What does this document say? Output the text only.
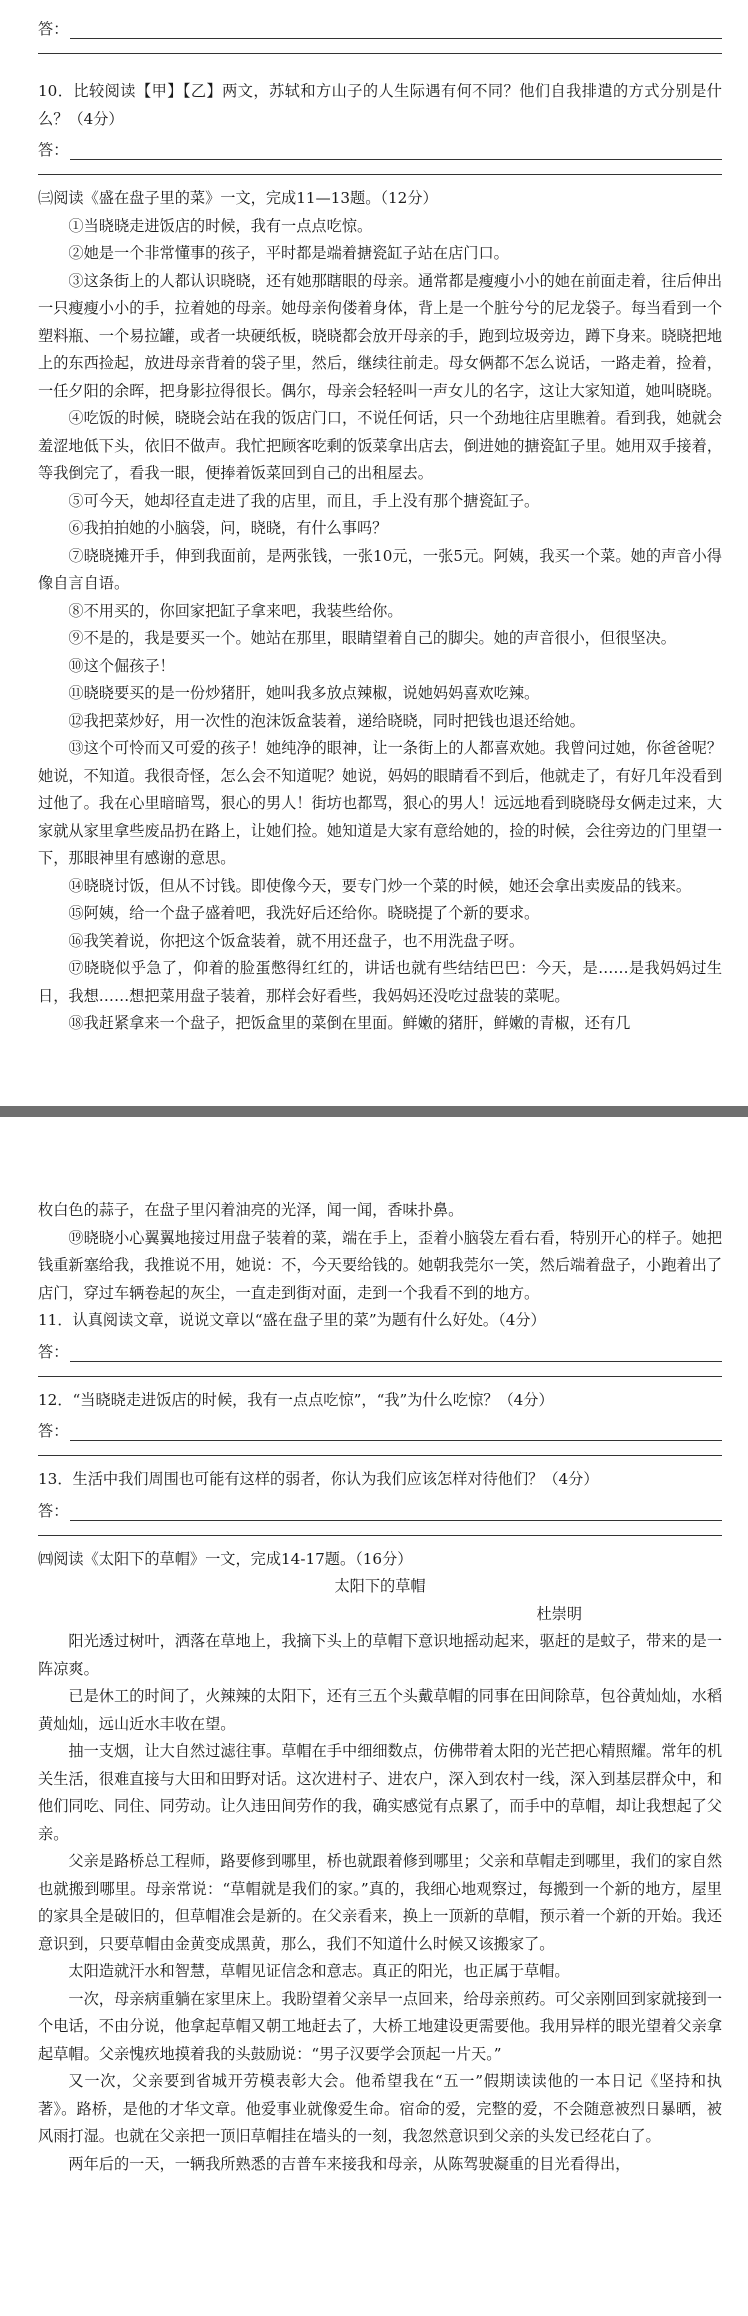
答：

10．比较阅读【甲】【乙】两文，苏轼和方山子的人生际遇有何不同？他们自我排遣的方式分别是什么？（4分）

答：

㈢阅读《盛在盘子里的菜》一文，完成11—13题。（12分）

①当晓晓走进饭店的时候，我有一点点吃惊。

②她是一个非常懂事的孩子，平时都是端着搪瓷缸子站在店门口。

③这条街上的人都认识晓晓，还有她那瞎眼的母亲。通常都是瘦瘦小小的她在前面走着，往后伸出一只瘦瘦小小的手，拉着她的母亲。她母亲佝偻着身体，背上是一个脏兮兮的尼龙袋子。每当看到一个塑料瓶、一个易拉罐，或者一块硬纸板，晓晓都会放开母亲的手，跑到垃圾旁边，蹲下身来。晓晓把地上的东西捡起，放进母亲背着的袋子里，然后，继续往前走。母女俩都不怎么说话，一路走着，捡着，一任夕阳的余晖，把身影拉得很长。偶尔，母亲会轻轻叫一声女儿的名字，这让大家知道，她叫晓晓。

④吃饭的时候，晓晓会站在我的饭店门口，不说任何话，只一个劲地往店里瞧着。看到我，她就会羞涩地低下头，依旧不做声。我忙把顾客吃剩的饭菜拿出店去，倒进她的搪瓷缸子里。她用双手接着，等我倒完了，看我一眼，便捧着饭菜回到自己的出租屋去。

⑤可今天，她却径直走进了我的店里，而且，手上没有那个搪瓷缸子。

⑥我拍拍她的小脑袋，问，晓晓，有什么事吗？

⑦晓晓摊开手，伸到我面前，是两张钱，一张10元，一张5元。阿姨，我买一个菜。她的声音小得像自言自语。

⑧不用买的，你回家把缸子拿来吧，我装些给你。

⑨不是的，我是要买一个。她站在那里，眼睛望着自己的脚尖。她的声音很小，但很坚决。

⑩这个倔孩子！

⑪晓晓要买的是一份炒猪肝，她叫我多放点辣椒，说她妈妈喜欢吃辣。

⑫我把菜炒好，用一次性的泡沫饭盒装着，递给晓晓，同时把钱也退还给她。

⑬这个可怜而又可爱的孩子！她纯净的眼神，让一条街上的人都喜欢她。我曾问过她，你爸爸呢？她说，不知道。我很奇怪，怎么会不知道呢？她说，妈妈的眼睛看不到后，他就走了，有好几年没看到过他了。我在心里暗暗骂，狠心的男人！街坊也都骂，狠心的男人！远远地看到晓晓母女俩走过来，大家就从家里拿些废品扔在路上，让她们捡。她知道是大家有意给她的，捡的时候，会往旁边的门里望一下，那眼神里有感谢的意思。

⑭晓晓讨饭，但从不讨钱。即使像今天，要专门炒一个菜的时候，她还会拿出卖废品的钱来。

⑮阿姨，给一个盘子盛着吧，我洗好后还给你。晓晓提了个新的要求。

⑯我笑着说，你把这个饭盒装着，就不用还盘子，也不用洗盘子呀。

⑰晓晓似乎急了，仰着的脸蛋憋得红红的，讲话也就有些结结巴巴：今天，是……是我妈妈过生日，我想……想把菜用盘子装着，那样会好看些，我妈妈还没吃过盘装的菜呢。

⑱我赶紧拿来一个盘子，把饭盒里的菜倒在里面。鲜嫩的猪肝，鲜嫩的青椒，还有几

枚白色的蒜子，在盘子里闪着油亮的光泽，闻一闻，香味扑鼻。

⑲晓晓小心翼翼地接过用盘子装着的菜，端在手上，歪着小脑袋左看右看，特别开心的样子。她把钱重新塞给我，我推说不用，她说：不，今天要给钱的。她朝我莞尔一笑，然后端着盘子，小跑着出了店门，穿过车辆卷起的灰尘，一直走到街对面，走到一个我看不到的地方。

11．认真阅读文章，说说文章以“盛在盘子里的菜”为题有什么好处。（4分）

答：

12．“当晓晓走进饭店的时候，我有一点点吃惊”，“我”为什么吃惊？（4分）

答：

13．生活中我们周围也可能有这样的弱者，你认为我们应该怎样对待他们？（4分）

答：

㈣阅读《太阳下的草帽》一文，完成14-17题。（16分）

太阳下的草帽
杜崇明

阳光透过树叶，洒落在草地上，我摘下头上的草帽下意识地摇动起来，驱赶的是蚊子，带来的是一阵凉爽。

已是休工的时间了，火辣辣的太阳下，还有三五个头戴草帽的同事在田间除草，包谷黄灿灿，水稻黄灿灿，远山近水丰收在望。

抽一支烟，让大自然过滤往事。草帽在手中细细数点，仿佛带着太阳的光芒把心精照耀。常年的机关生活，很难直接与大田和田野对话。这次进村子、进农户，深入到农村一线，深入到基层群众中，和他们同吃、同住、同劳动。让久违田间劳作的我，确实感觉有点累了，而手中的草帽，却让我想起了父亲。

父亲是路桥总工程师，路要修到哪里，桥也就跟着修到哪里；父亲和草帽走到哪里，我们的家自然也就搬到哪里。母亲常说：“草帽就是我们的家。”真的，我细心地观察过，每搬到一个新的地方，屋里的家具全是破旧的，但草帽准会是新的。在父亲看来，换上一顶新的草帽，预示着一个新的开始。我还意识到，只要草帽由金黄变成黑黄，那么，我们不知道什么时候又该搬家了。

太阳造就汗水和智慧，草帽见证信念和意志。真正的阳光，也正属于草帽。

一次，母亲病重躺在家里床上。我盼望着父亲早一点回来，给母亲煎药。可父亲刚回到家就接到一个电话，不由分说，他拿起草帽又朝工地赶去了，大桥工地建设更需要他。我用异样的眼光望着父亲拿起草帽。父亲愧疚地摸着我的头鼓励说：“男子汉要学会顶起一片天。”

又一次，父亲要到省城开劳模表彰大会。他希望我在“五一”假期读读他的一本日记《坚持和执著》。路桥，是他的才华文章。他爱事业就像爱生命。宿命的爱，完整的爱，不会随意被烈日暴晒，被风雨打湿。也就在父亲把一顶旧草帽挂在墙头的一刻，我忽然意识到父亲的头发已经花白了。

两年后的一天，一辆我所熟悉的吉普车来接我和母亲，从陈驾驶凝重的目光看得出，
